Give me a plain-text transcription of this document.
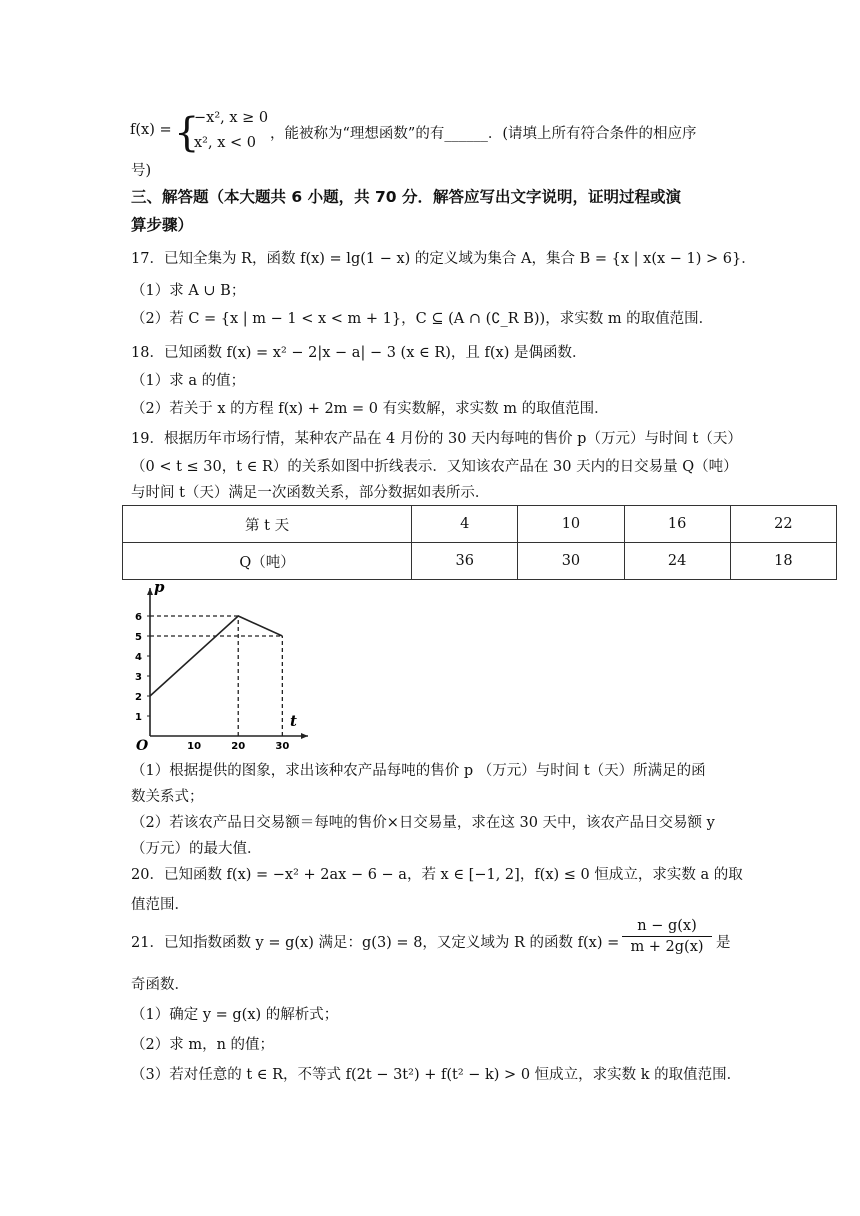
f(x) = {
−x², x ≥ 0
x², x < 0
，能被称为“理想函数”的有______．(请填上所有符合条件的相应序
号)
三、解答题（本大题共 6 小题，共 70 分．解答应写出文字说明，证明过程或演
算步骤）
17．已知全集为 R，函数 f(x) = lg(1 − x) 的定义域为集合 A，集合 B = {x | x(x − 1) > 6}．
（1）求 A ∪ B；
（2）若 C = {x | m − 1 < x < m + 1}，C ⊆ (A ∩ (∁_R B))，求实数 m 的取值范围．
18．已知函数 f(x) = x² − 2|x − a| − 3 (x ∈ R)，且 f(x) 是偶函数．
（1）求 a 的值；
（2）若关于 x 的方程 f(x) + 2m = 0 有实数解，求实数 m 的取值范围．
19．根据历年市场行情，某种农产品在 4 月份的 30 天内每吨的售价 p（万元）与时间 t（天）
（0 < t ≤ 30，t ∈ R）的关系如图中折线表示．又知该农产品在 30 天内的日交易量 Q（吨）
与时间 t（天）满足一次函数关系，部分数据如表所示．
第 t 天	4	10	16	22
Q（吨）	36	30	24	18
1
2
3
4
5
6
10	20	30
O
p
t
（1）根据提供的图象，求出该种农产品每吨的售价 p （万元）与时间 t（天）所满足的函
数关系式；
（2）若该农产品日交易额＝每吨的售价×日交易量，求在这 30 天中，该农产品日交易额 y
（万元）的最大值．
20．已知函数 f(x) = −x² + 2ax − 6 − a，若 x ∈ [−1, 2]，f(x) ≤ 0 恒成立，求实数 a 的取
值范围．
21．已知指数函数 y = g(x) 满足：g(3) = 8，又定义域为 R 的函数 $f(x) = \frac{n - g(x)}{m + 2g(x)}$ 是
奇函数．
（1）确定 y = g(x) 的解析式；
（2）求 m，n 的值；
（3）若对任意的 t ∈ R，不等式 f(2t − 3t²) + f(t² − k) > 0 恒成立，求实数 k 的取值范围．
